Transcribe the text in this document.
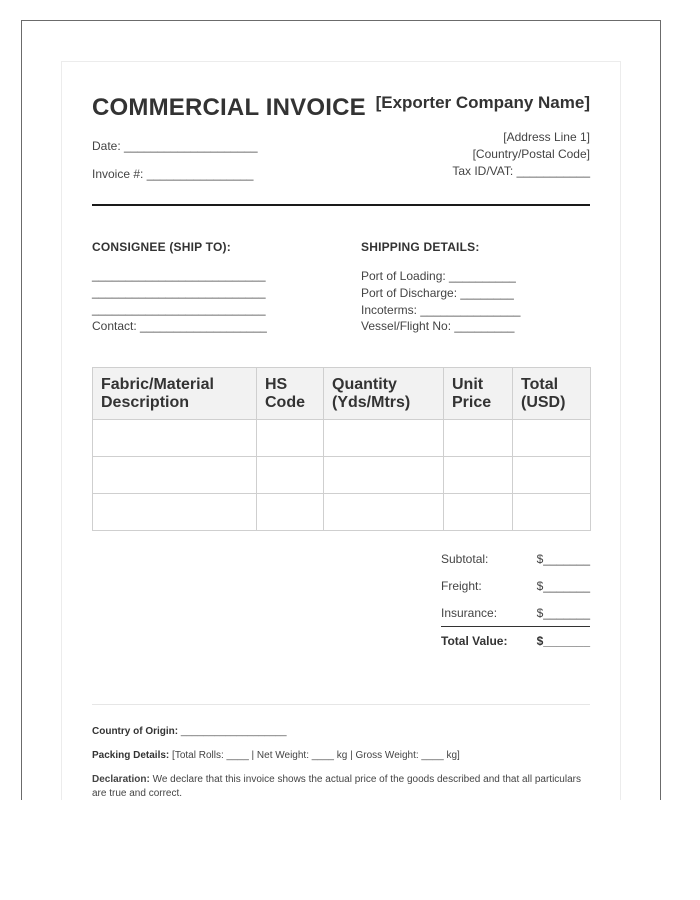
COMMERCIAL INVOICE [Exporter Company Name]
Date: ____________________
Invoice #: ________________
[Address Line 1]
[Country/Postal Code]
Tax ID/VAT: ___________
CONSIGNEE (SHIP TO):
__________________________
__________________________
__________________________
Contact: ___________________
SHIPPING DETAILS:
Port of Loading: __________
Port of Discharge: ________
Incoterms: _______________
Vessel/Flight No: _________
Fabric/Material Description	HS Code	Quantity (Yds/Mtrs)	Unit Price	Total (USD)

Subtotal:	$_______
Freight:	$_______
Insurance:	$_______
Total Value: $_______
Country of Origin: ___________________
Packing Details: [Total Rolls: ____ | Net Weight: ____ kg | Gross Weight: ____ kg]
Declaration: We declare that this invoice shows the actual price of the goods described and that all particulars are true and correct.
